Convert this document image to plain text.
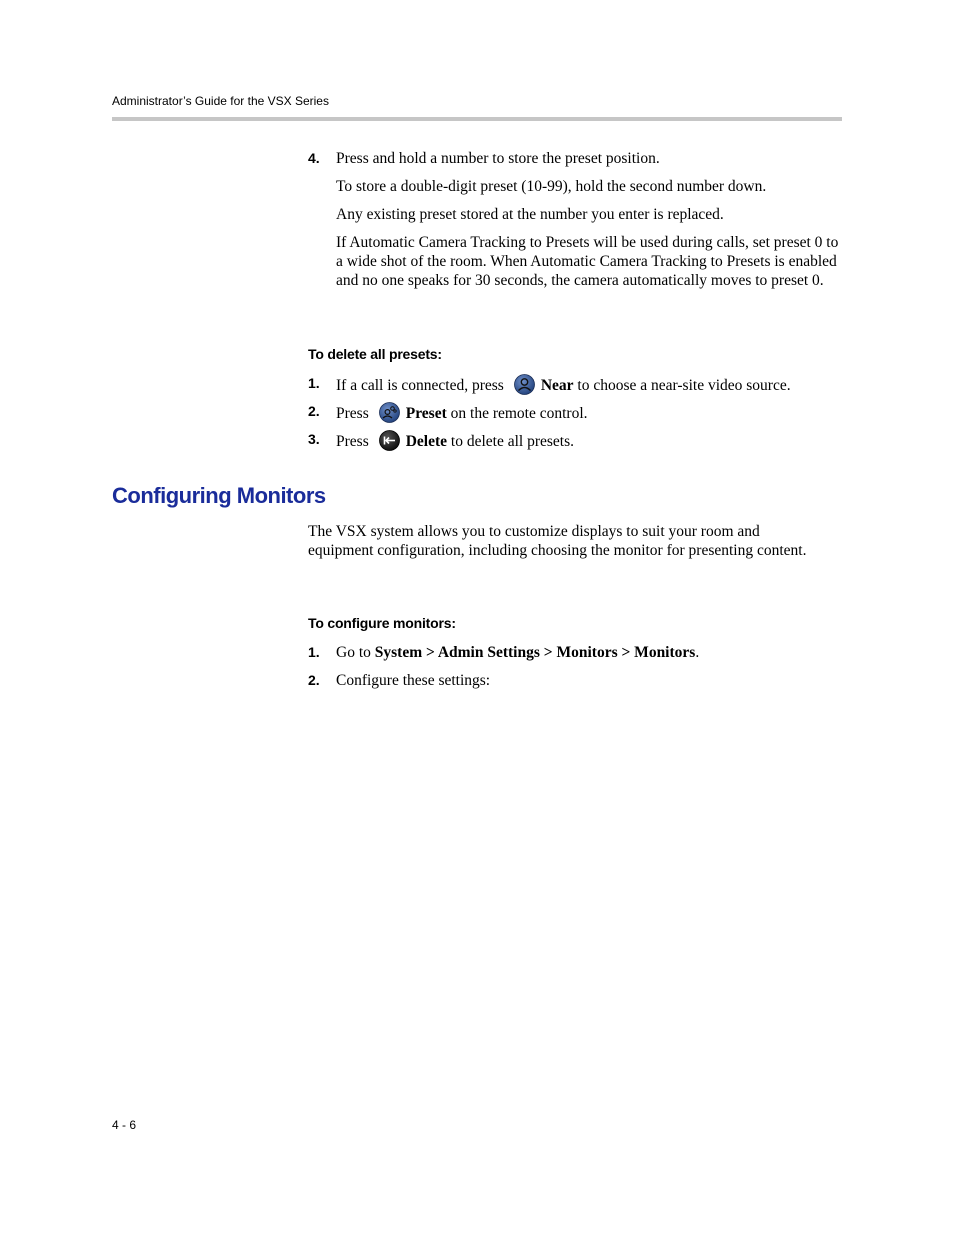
Administrator’s Guide for the VSX Series
4. Press and hold a number to store the preset position.
To store a double-digit preset (10-99), hold the second number down.
Any existing preset stored at the number you enter is replaced.
If Automatic Camera Tracking to Presets will be used during calls, set preset 0 to a wide shot of the room. When Automatic Camera Tracking to Presets is enabled and no one speaks for 30 seconds, the camera automatically moves to preset 0.
To delete all presets:
1. If a call is connected, press Near to choose a near-site video source.
2. Press Preset on the remote control.
3. Press Delete to delete all presets.
Configuring Monitors
The VSX system allows you to customize displays to suit your room and equipment configuration, including choosing the monitor for presenting content.
To configure monitors:
1. Go to System > Admin Settings > Monitors > Monitors.
2. Configure these settings:
4 - 6
